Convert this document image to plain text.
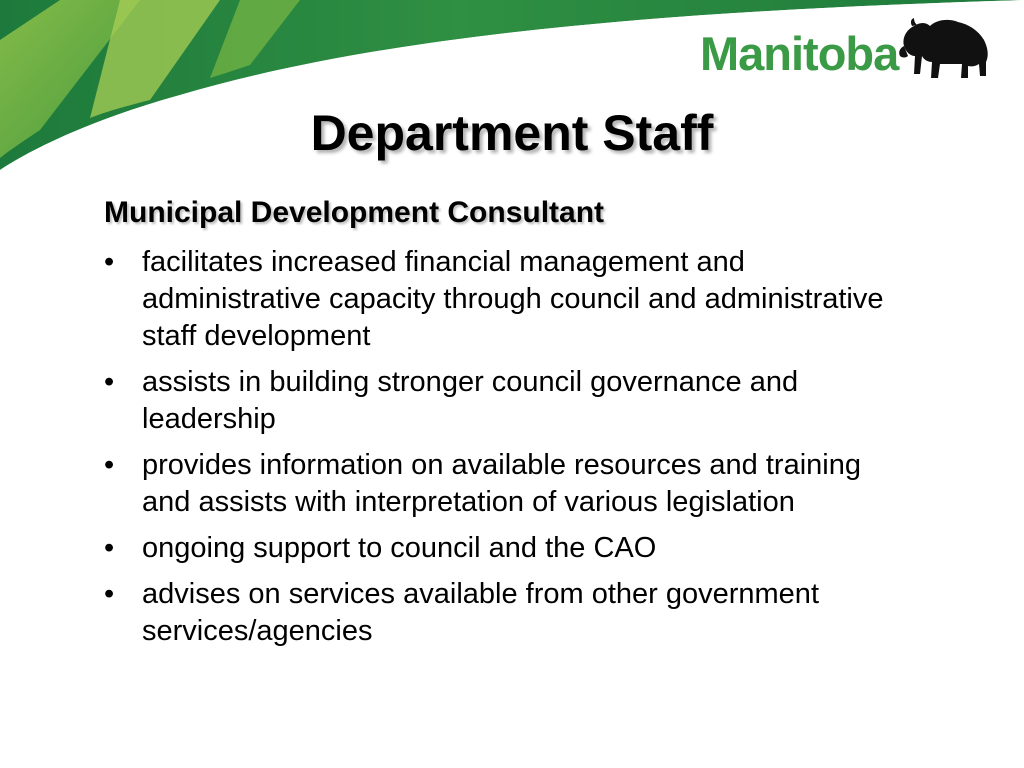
Manitoba
Department Staff
Municipal Development Consultant
• facilitates increased financial management and administrative capacity through council and administrative staff development
• assists in building stronger council governance and leadership
• provides information on available resources and training and assists with interpretation of various legislation
• ongoing support to council and the CAO
• advises on services available from other government services/agencies
